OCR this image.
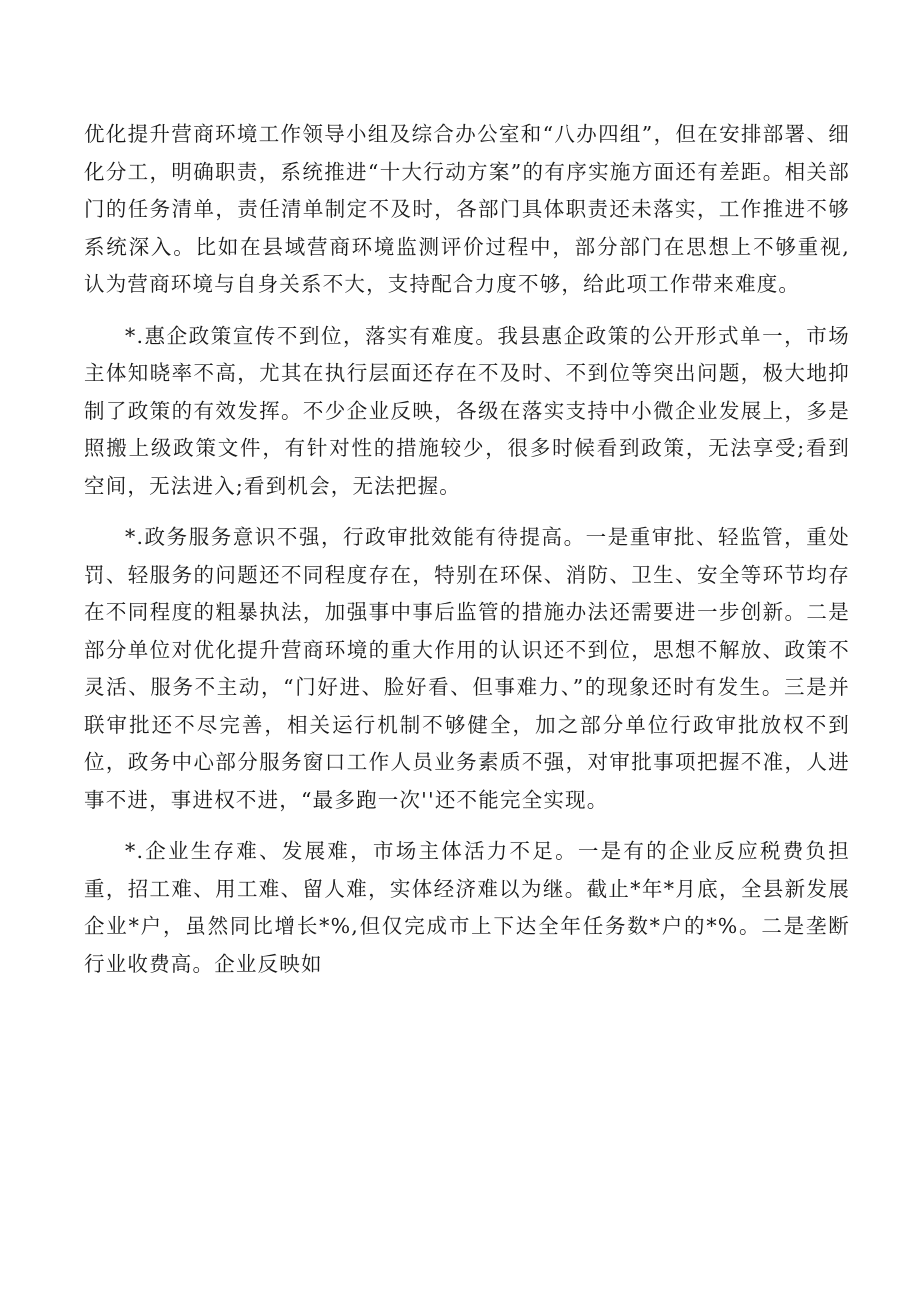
优化提升营商环境工作领导小组及综合办公室和“八办四组”，但在安排部署、细化分工，明确职责，系统推进“十大行动方案”的有序实施方面还有差距。相关部门的任务清单，责任清单制定不及时，各部门具体职责还未落实，工作推进不够系统深入。比如在县域营商环境监测评价过程中，部分部门在思想上不够重视,认为营商环境与自身关系不大，支持配合力度不够，给此项工作带来难度。

*.惠企政策宣传不到位，落实有难度。我县惠企政策的公开形式单一，市场主体知晓率不高，尤其在执行层面还存在不及时、不到位等突出问题，极大地抑制了政策的有效发挥。不少企业反映，各级在落实支持中小微企业发展上，多是照搬上级政策文件，有针对性的措施较少，很多时候看到政策，无法享受;看到空间，无法进入;看到机会，无法把握。

*.政务服务意识不强，行政审批效能有待提高。一是重审批、轻监管，重处罚、轻服务的问题还不同程度存在，特别在环保、消防、卫生、安全等环节均存在不同程度的粗暴执法，加强事中事后监管的措施办法还需要进一步创新。二是部分单位对优化提升营商环境的重大作用的认识还不到位，思想不解放、政策不灵活、服务不主动，“门好进、脸好看、但事难力、”的现象还时有发生。三是并联审批还不尽完善，相关运行机制不够健全，加之部分单位行政审批放权不到位，政务中心部分服务窗口工作人员业务素质不强，对审批事项把握不准，人进事不进，事进权不进，“最多跑一次''还不能完全实现。

*.企业生存难、发展难，市场主体活力不足。一是有的企业反应税费负担重，招工难、用工难、留人难，实体经济难以为继。截止*年*月底，全县新发展企业*户，虽然同比增长*%,但仅完成市上下达全年任务数*户的*%。二是垄断行业收费高。企业反映如
